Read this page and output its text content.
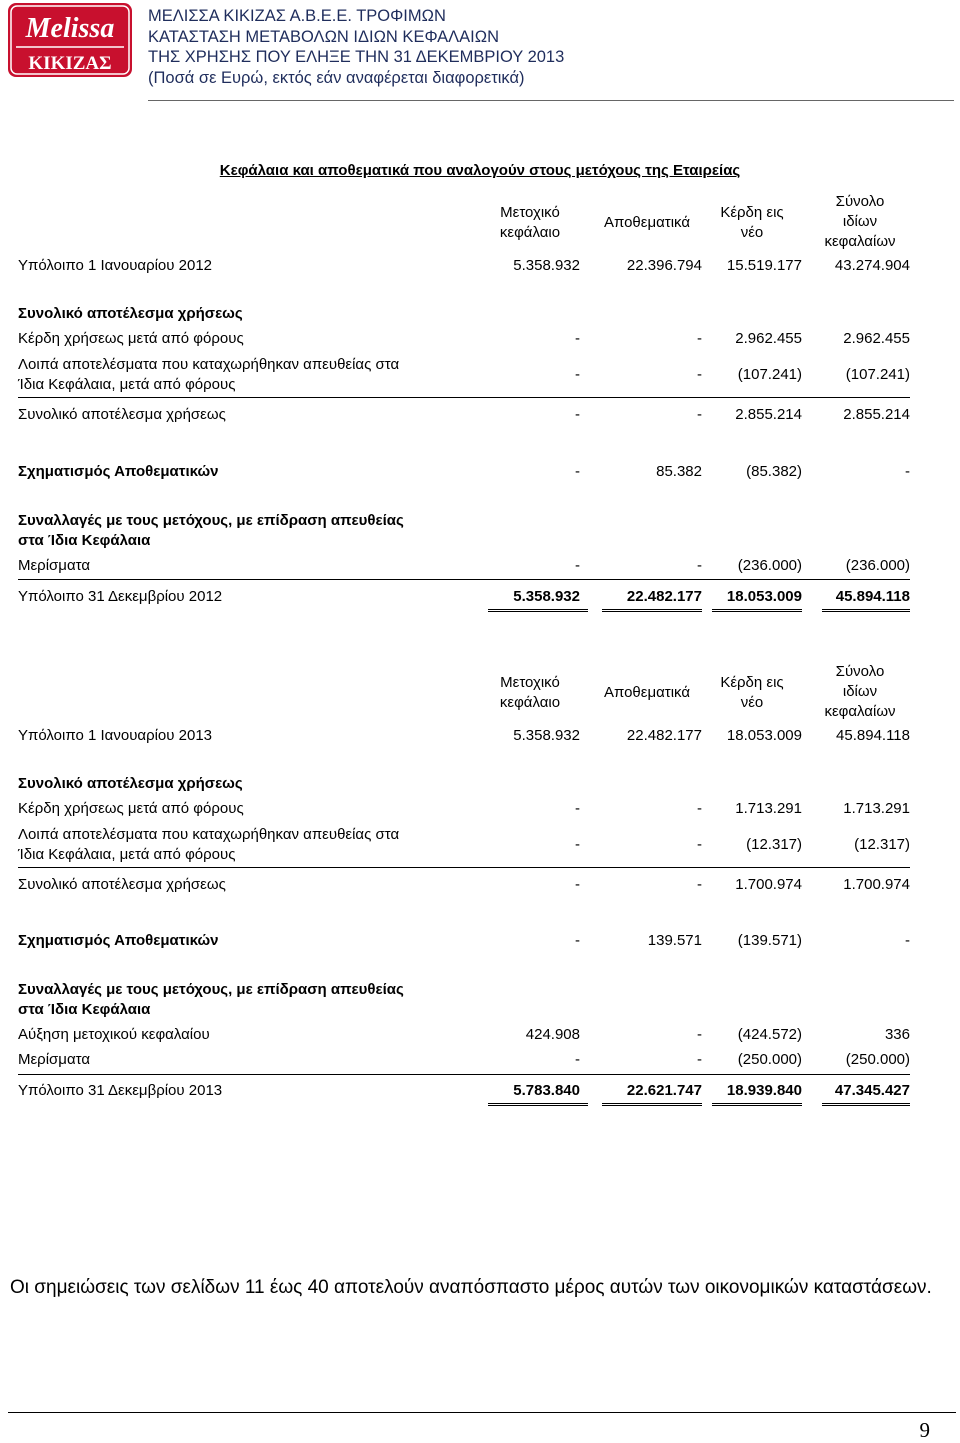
Melissa
ΚΙΚΙΖΑΣ
ΜΕΛΙΣΣΑ ΚΙΚΙΖΑΣ Α.Β.Ε.Ε. ΤΡΟΦΙΜΩΝ
ΚΑΤΑΣΤΑΣΗ ΜΕΤΑΒΟΛΩΝ ΙΔΙΩΝ ΚΕΦΑΛΑΙΩΝ
ΤΗΣ ΧΡΗΣΗΣ ΠΟΥ ΕΛΗΞΕ ΤΗΝ 31 ΔΕΚΕΜΒΡΙΟΥ 2013
(Ποσά σε Ευρώ, εκτός εάν αναφέρεται διαφορετικά)
Κεφάλαια και αποθεματικά που αναλογούν στους μετόχους της Εταιρείας
Μετοχικό
κεφάλαιο
Αποθεματικά
Κέρδη εις
νέο
Σύνολο
ιδίων
κεφαλαίων
Υπόλοιπο 1 Ιανουαρίου 2012	5.358.932	22.396.794 15.519.177 43.274.904
Συνολικό αποτέλεσμα χρήσεως
Κέρδη χρήσεως μετά από φόρους	-	- 2.962.455	2.962.455
Λοιπά αποτελέσματα που καταχωρήθηκαν απευθείας στα
Ίδια Κεφάλαια, μετά από φόρους
-	- (107.241)	(107.241)
Συνολικό αποτέλεσμα χρήσεως	-	- 2.855.214	2.855.214
Σχηματισμός Αποθεματικών	-	85.382	(85.382)	-
Συναλλαγές με τους μετόχους, με επίδραση απευθείας
στα Ίδια Κεφάλαια
Μερίσματα	-	- (236.000)	(236.000)
Υπόλοιπο 31 Δεκεμβρίου 2012	5.358.932	22.482.177 18.053.009 45.894.118
Μετοχικό
κεφάλαιο
Αποθεματικά
Κέρδη εις
νέο
Σύνολο
ιδίων
κεφαλαίων
Υπόλοιπο 1 Ιανουαρίου 2013	5.358.932	22.482.177 18.053.009 45.894.118
Συνολικό αποτέλεσμα χρήσεως
Κέρδη χρήσεως μετά από φόρους	-	- 1.713.291	1.713.291
Λοιπά αποτελέσματα που καταχωρήθηκαν απευθείας στα
Ίδια Κεφάλαια, μετά από φόρους
-	-	(12.317)	(12.317)
Συνολικό αποτέλεσμα χρήσεως	-	- 1.700.974	1.700.974
Σχηματισμός Αποθεματικών	-	139.571 (139.571)	-
Συναλλαγές με τους μετόχους, με επίδραση απευθείας
στα Ίδια Κεφάλαια
Αύξηση μετοχικού κεφαλαίου	424.908	- (424.572)	336
Μερίσματα	-	- (250.000)	(250.000)
Υπόλοιπο 31 Δεκεμβρίου 2013	5.783.840	22.621.747 18.939.840 47.345.427
Οι σημειώσεις των σελίδων 11 έως 40 αποτελούν αναπόσπαστο μέρος αυτών των οικονομικών καταστάσεων.
9
